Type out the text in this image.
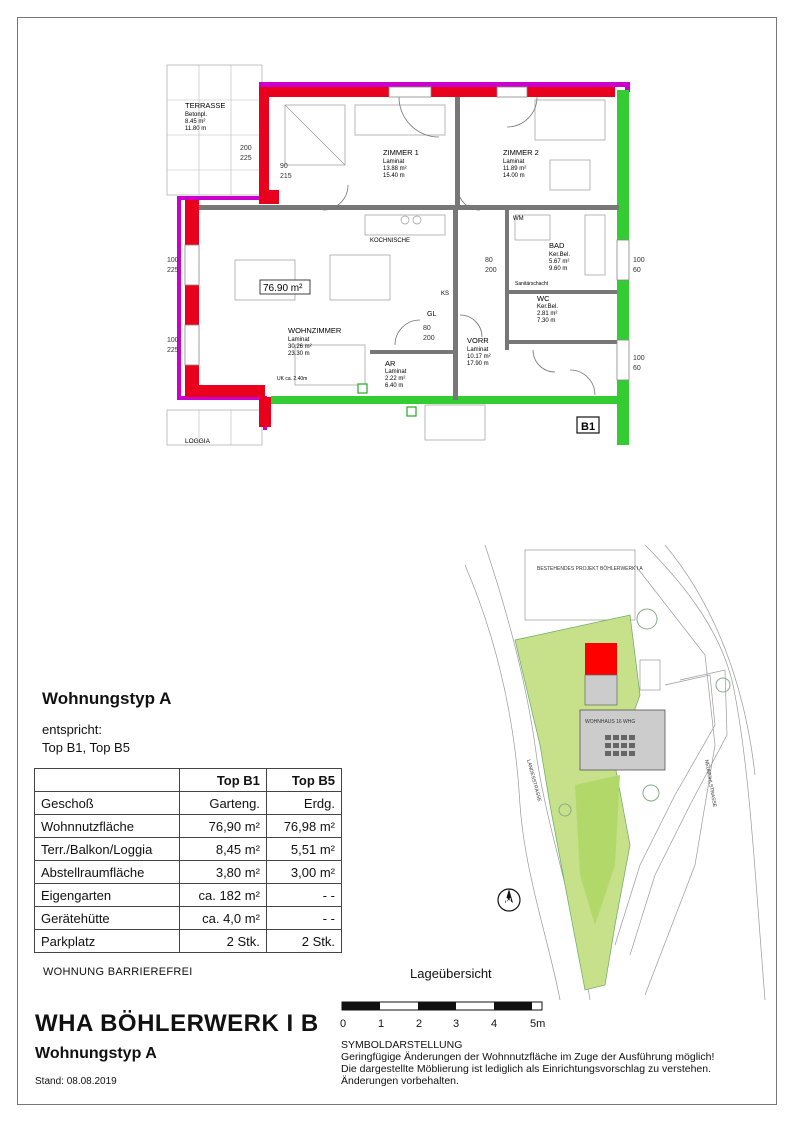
B1
76.90 m²
TERRASSE
Betonpl.
8.45 m²
11.80 m
ZIMMER 1
Laminat
13.88 m²
15.40 m
ZIMMER 2
Laminat
11.89 m²
14.00 m
BAD
Ker.Bel.
5.67 m²
9.60 m
WC
Ker.Bel.
2.81 m²
7.30 m
WOHNZIMMER
Laminat
30.26 m²
23.30 m
AR
Laminat
2.22 m²
6.40 m
VORR
Laminat
10.17 m²
17.90 m
KOCHNISCHE
LOGGIA
WM
KS
GL
Sanitärschacht
UK ca. 2.40m
200
225
90
215
100
225
100
225
100
60
100
60
80
200
80
200
BESTEHENDES PROJEKT BÖHLERWERK I A
WOHNHAUS 16 WHG
LANDESSTRASSE	NEUMÜHLSTRASSE
N
Wohnungstyp A
entspricht:
Top B1, Top B5
	Top B1	Top B5
Geschoß	Garteng.	Erdg.
Wohnnutzfläche	76,90 m²	76,98 m²
Terr./Balkon/Loggia	8,45 m²	5,51 m²
Abstellraumfläche	3,80 m²	3,00 m²
Eigengarten	ca. 182 m²	- -
Gerätehütte	ca. 4,0 m²	- -
Parkplatz	2 Stk.	2 Stk.
WOHNUNG BARRIEREFREI	Lageübersicht
0	1	2	3	4	5m
WHA BÖHLERWERK I B
Wohnungstyp A
Stand: 08.08.2019
SYMBOLDARSTELLUNG
Geringfügige Änderungen der Wohnnutzfläche im Zuge der Ausführung möglich!
Die dargestellte Möblierung ist lediglich als Einrichtungsvorschlag zu verstehen.
Änderungen vorbehalten.
